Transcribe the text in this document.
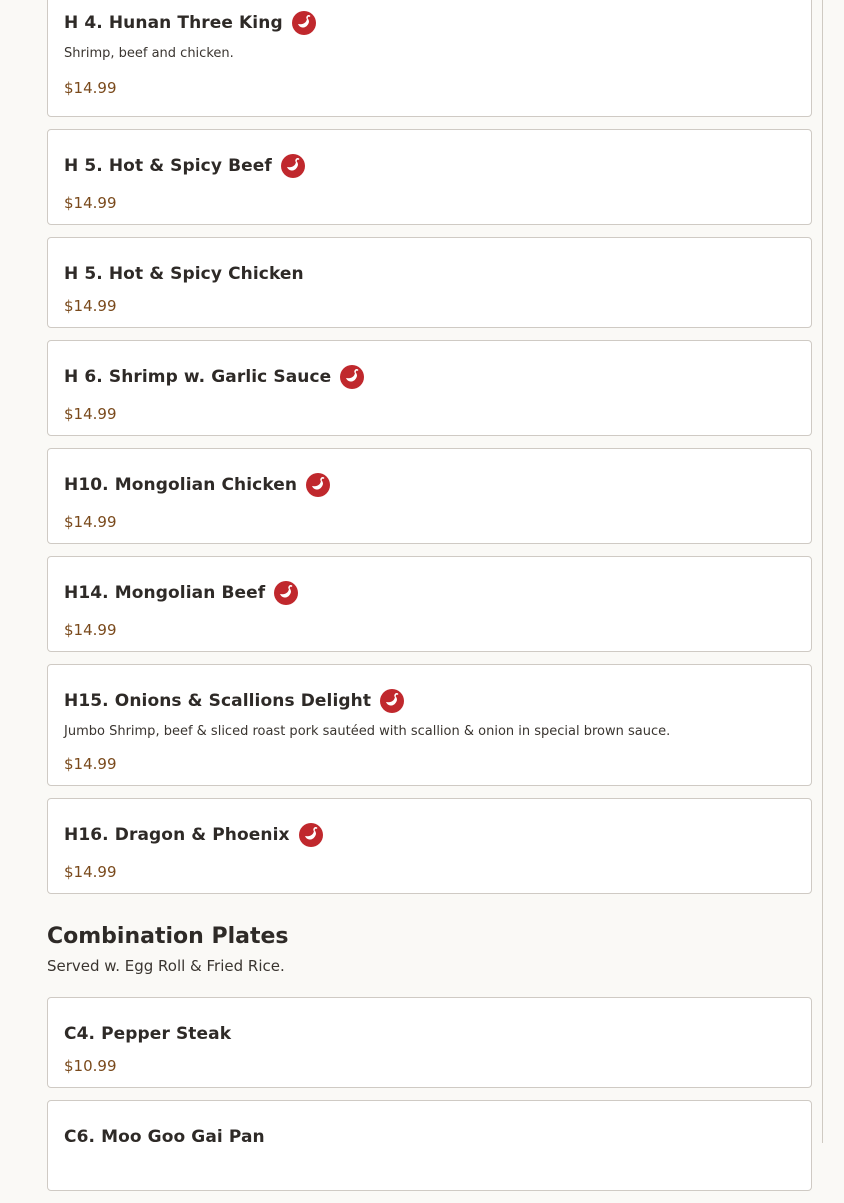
H 4. Hunan Three King
Shrimp, beef and chicken.
$14.99
H 5. Hot & Spicy Beef
$14.99
H 5. Hot & Spicy Chicken
$14.99
H 6. Shrimp w. Garlic Sauce
$14.99
H10. Mongolian Chicken
$14.99
H14. Mongolian Beef
$14.99
H15. Onions & Scallions Delight
Jumbo Shrimp, beef & sliced roast pork sautéed with scallion & onion in special brown sauce.
$14.99
H16. Dragon & Phoenix
$14.99
Combination Plates
Served w. Egg Roll & Fried Rice.
C4. Pepper Steak
$10.99
C6. Moo Goo Gai Pan
